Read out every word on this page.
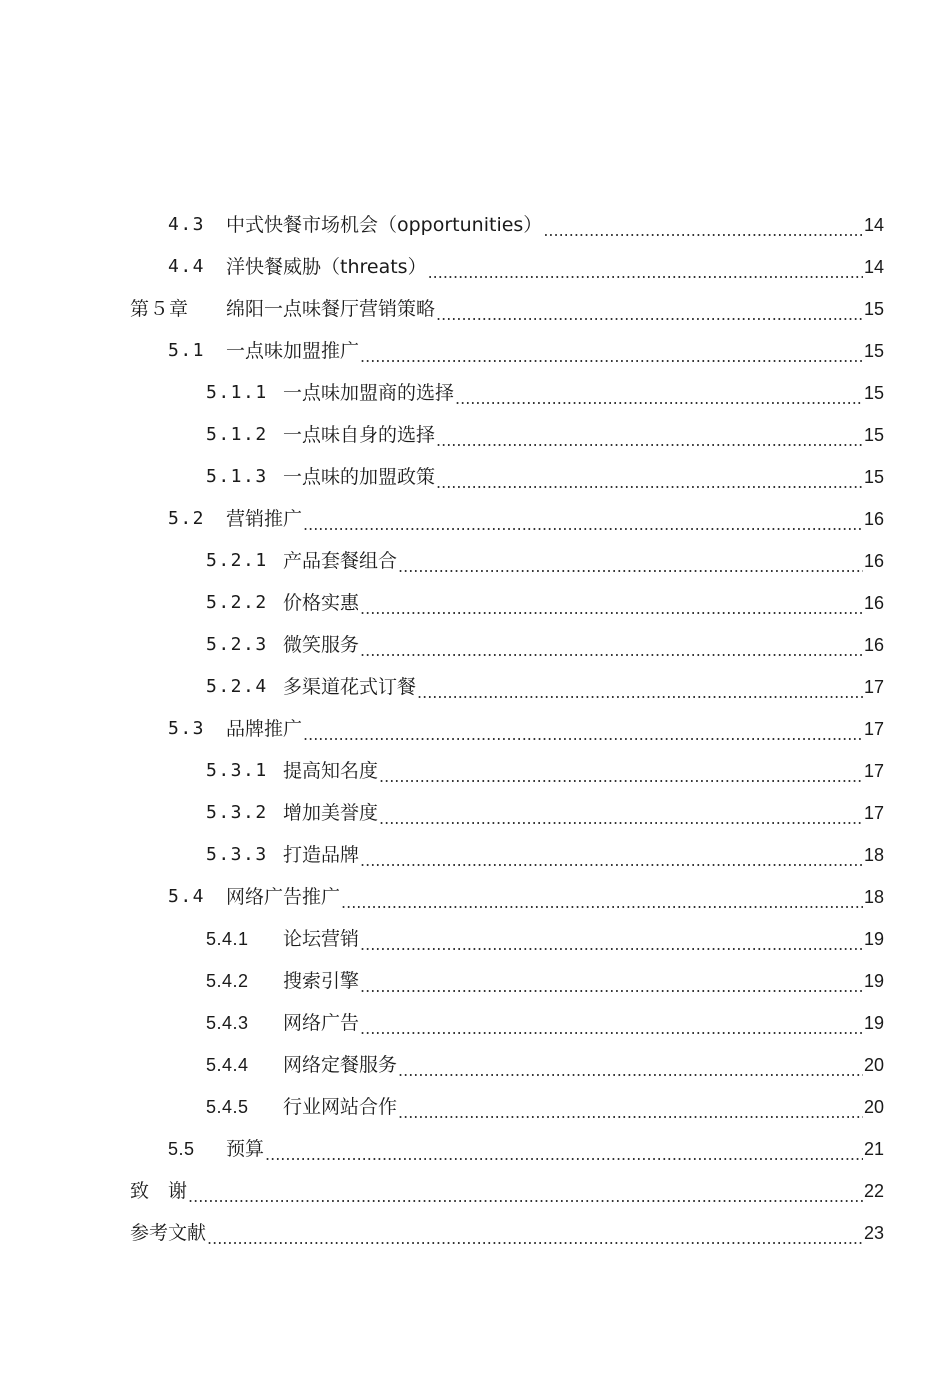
4.3 中式快餐市场机会（opportunities） .....	14
4.4 洋快餐威胁（threats） .....	14
第５章 绵阳一点味餐厅营销策略 .....	15
5.1 一点味加盟推广 .....	15
5.1.1 一点味加盟商的选择 .....	15
5.1.2 一点味自身的选择 .....	15
5.1.3 一点味的加盟政策 .....	15
5.2 营销推广 .....	16
5.2.1 产品套餐组合 .....	16
5.2.2 价格实惠 .....	16
5.2.3 微笑服务 .....	16
5.2.4 多渠道花式订餐 .....	17
5.3 品牌推广 .....	17
5.3.1 提高知名度 .....	17
5.3.2 增加美誉度 .....	17
5.3.3 打造品牌 .....	18
5.4 网络广告推广 .....	18
5.4.1 论坛营销 .....	19
5.4.2 搜索引擎 .....	19
5.4.3 网络广告 .....	19
5.4.4 网络定餐服务 .....	20
5.4.5 行业网站合作 .....	20
5.5 预算 .....	21
致　谢 .....	22
参考文献 .....	23
